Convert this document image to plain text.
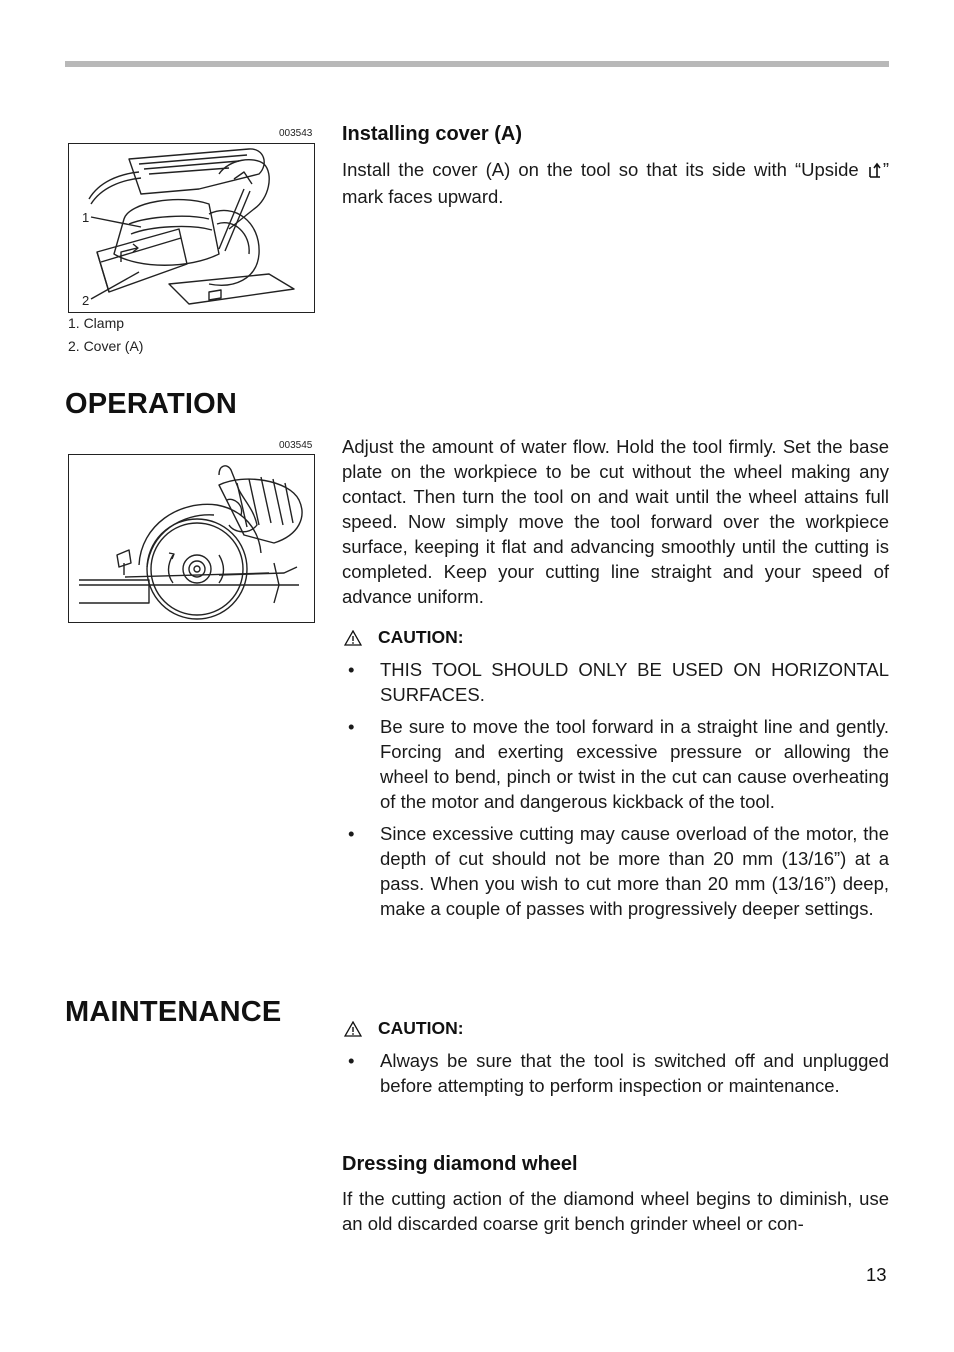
003543
1
2
1. Clamp
2. Cover (A)
Installing cover (A)

Install the cover (A) on the tool so that its side with “Upside ” mark faces upward.

OPERATION
003545 Adjust the amount of water flow. Hold the tool firmly. Set the base plate on the workpiece to be cut without the wheel making any contact. Then turn the tool on and wait until the wheel attains full speed. Now simply move the tool forward over the workpiece surface, keeping it flat and advancing smoothly until the cutting is completed. Keep your cutting line straight and your speed of advance uniform.

CAUTION:
• THIS TOOL SHOULD ONLY BE USED ON HORIZONTAL SURFACES.
• Be sure to move the tool forward in a straight line and gently. Forcing and exerting excessive pressure or allowing the wheel to bend, pinch or twist in the cut can cause overheating of the motor and dangerous kickback of the tool.
• Since excessive cutting may cause overload of the motor, the depth of cut should not be more than 20 mm (13/16”) at a pass. When you wish to cut more than 20 mm (13/16”) deep, make a couple of passes with progressively deeper settings.
MAINTENANCE	CAUTION:
• Always be sure that the tool is switched off and unplugged before attempting to perform inspection or maintenance.
Dressing diamond wheel

If the cutting action of the diamond wheel begins to diminish, use an old discarded coarse grit bench grinder wheel or con-

13
